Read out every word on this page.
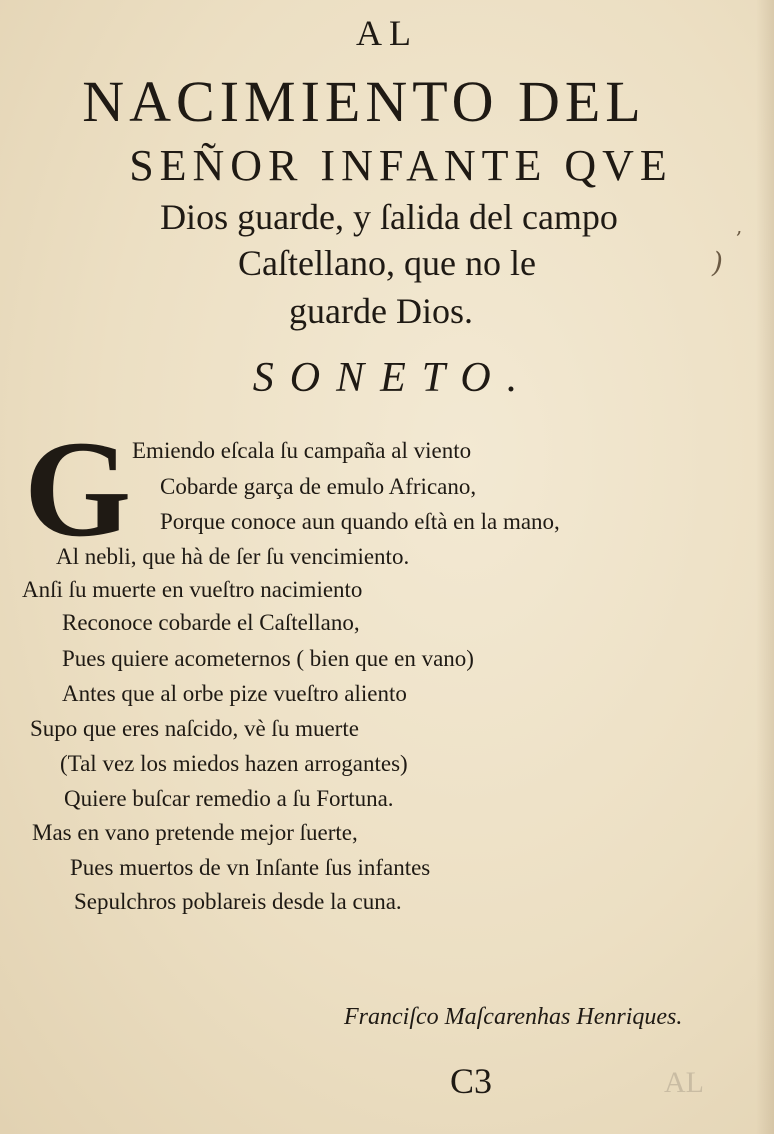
AL
NACIMIENTO DEL
SEÑOR INFANTE QVE
Dios guarde, y ſalida del campo
Caſtellano, que no le
guarde Dios.
SONETO.
G Emiendo eſcala ſu campaña al viento
Cobarde garça de emulo Africano,
Porque conoce aun quando eſtà en la mano,
Al nebli, que hà de ſer ſu vencimiento.
Anſi ſu muerte en vueſtro nacimiento
Reconoce cobarde el Caſtellano,
Pues quiere acometernos ( bien que en vano)
Antes que al orbe pize vueſtro aliento
Supo que eres naſcido, vè ſu muerte
(Tal vez los miedos hazen arrogantes)
Quiere buſcar remedio a ſu Fortuna.
Mas en vano pretende mejor ſuerte,
Pues muertos de vn Inſante ſus infantes
Sepulchros poblareis desde la cuna.
Franciſco Maſcarenhas Henriques.
C3	AL
,
)
